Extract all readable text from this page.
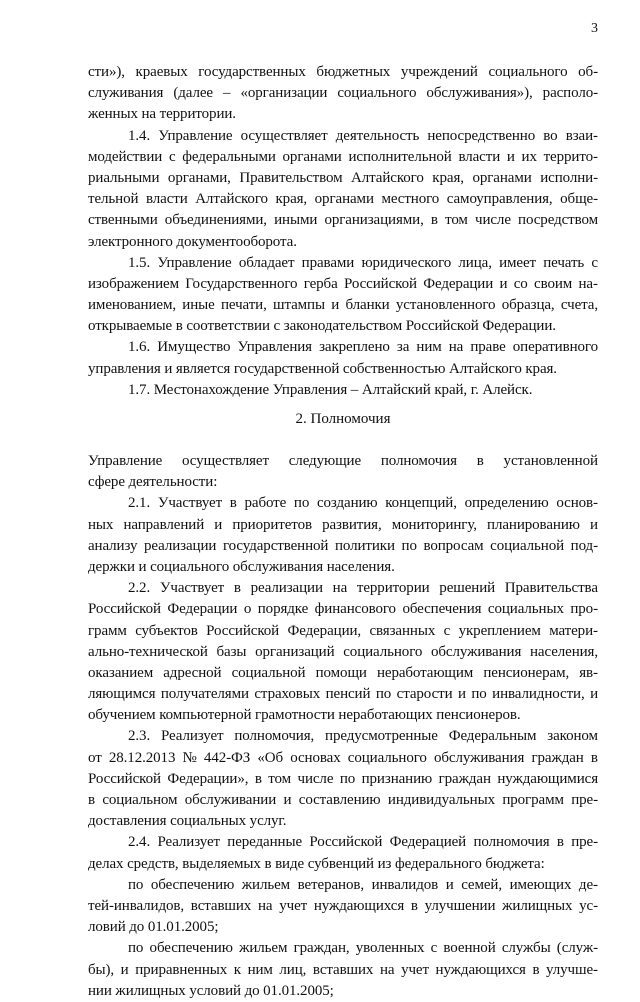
3
сти»), краевых государственных бюджетных учреждений социального об-
служивания (далее – «организации социального обслуживания»), располо-
женных на территории.
1.4. Управление осуществляет деятельность непосредственно во взаи-
модействии с федеральными органами исполнительной власти и их террито-
риальными органами, Правительством Алтайского края, органами исполни-
тельной власти Алтайского края, органами местного самоуправления, обще-
ственными объединениями, иными организациями, в том числе посредством
электронного документооборота.
1.5. Управление обладает правами юридического лица, имеет печать с
изображением Государственного герба Российской Федерации и со своим на-
именованием, иные печати, штампы и бланки установленного образца, счета,
открываемые в соответствии с законодательством Российской Федерации.
1.6. Имущество Управления закреплено за ним на праве оперативного
управления и является государственной собственностью Алтайского края.
1.7. Местонахождение Управления – Алтайский край, г. Алейск.
2. Полномочия
Управление осуществляет следующие полномочия в установленной
сфере деятельности:
2.1. Участвует в работе по созданию концепций, определению основ-
ных направлений и приоритетов развития, мониторингу, планированию и
анализу реализации государственной политики по вопросам социальной под-
держки и социального обслуживания населения.
2.2. Участвует в реализации на территории решений Правительства
Российской Федерации о порядке финансового обеспечения социальных про-
грамм субъектов Российской Федерации, связанных с укреплением матери-
ально-технической базы организаций социального обслуживания населения,
оказанием адресной социальной помощи неработающим пенсионерам, яв-
ляющимся получателями страховых пенсий по старости и по инвалидности, и
обучением компьютерной грамотности неработающих пенсионеров.
2.3. Реализует полномочия, предусмотренные Федеральным законом
от 28.12.2013 № 442-ФЗ «Об основах социального обслуживания граждан в
Российской Федерации», в том числе по признанию граждан нуждающимися
в социальном обслуживании и составлению индивидуальных программ пре-
доставления социальных услуг.
2.4. Реализует переданные Российской Федерацией полномочия в пре-
делах средств, выделяемых в виде субвенций из федерального бюджета:
по обеспечению жильем ветеранов, инвалидов и семей, имеющих де-
тей-инвалидов, вставших на учет нуждающихся в улучшении жилищных ус-
ловий до 01.01.2005;
по обеспечению жильем граждан, уволенных с военной службы (служ-
бы), и приравненных к ним лиц, вставших на учет нуждающихся в улучше-
нии жилищных условий до 01.01.2005;
